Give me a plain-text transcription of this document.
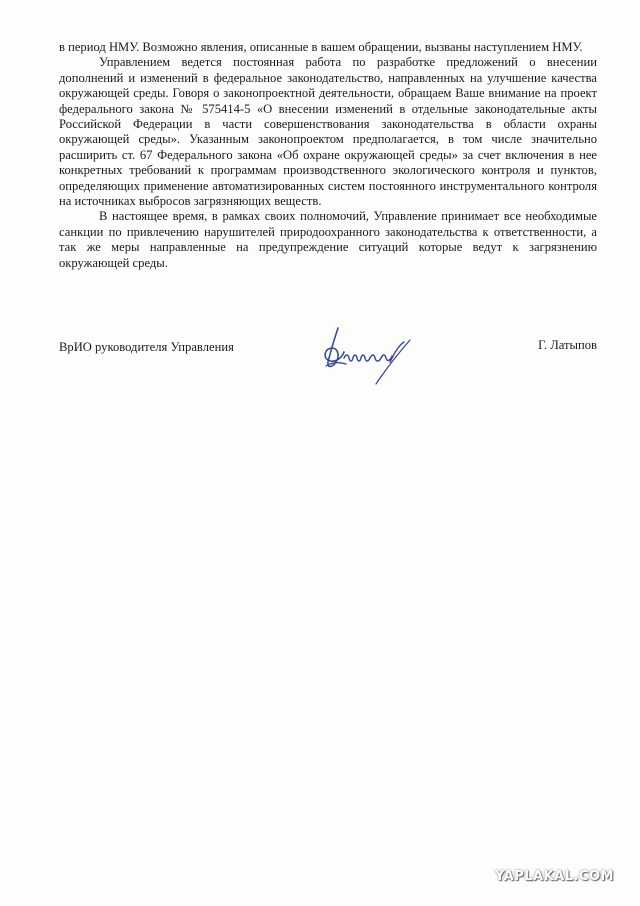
в период НМУ. Возможно явления, описанные в вашем обращении, вызваны наступлением НМУ.

Управлением ведется постоянная работа по разработке предложений о внесении дополнений и изменений в федеральное законодательство, направленных на улучшение качества окружающей среды. Говоря о законопроектной деятельности, обращаем Ваше внимание на проект федерального закона № 575414-5 «О внесении изменений в отдельные законодательные акты Российской Федерации в части совершенствования законодательства в области охраны окружающей среды». Указанным законопроектом предполагается, в том числе значительно расширить ст. 67 Федерального закона «Об охране окружающей среды» за счет включения в нее конкретных требований к программам производственного экологического контроля и пунктов, определяющих применение автоматизированных систем постоянного инструментального контроля на источниках выбросов загрязняющих веществ.

В настоящее время, в рамках своих полномочий, Управление принимает все необходимые санкции по привлечению нарушителей природоохранного законодательства к ответственности, а так же меры направленные на предупреждение ситуаций которые ведут к загрязнению окружающей среды.

ВрИО руководителя Управления	Г. Латыпов
YAPLAKAL.COM
